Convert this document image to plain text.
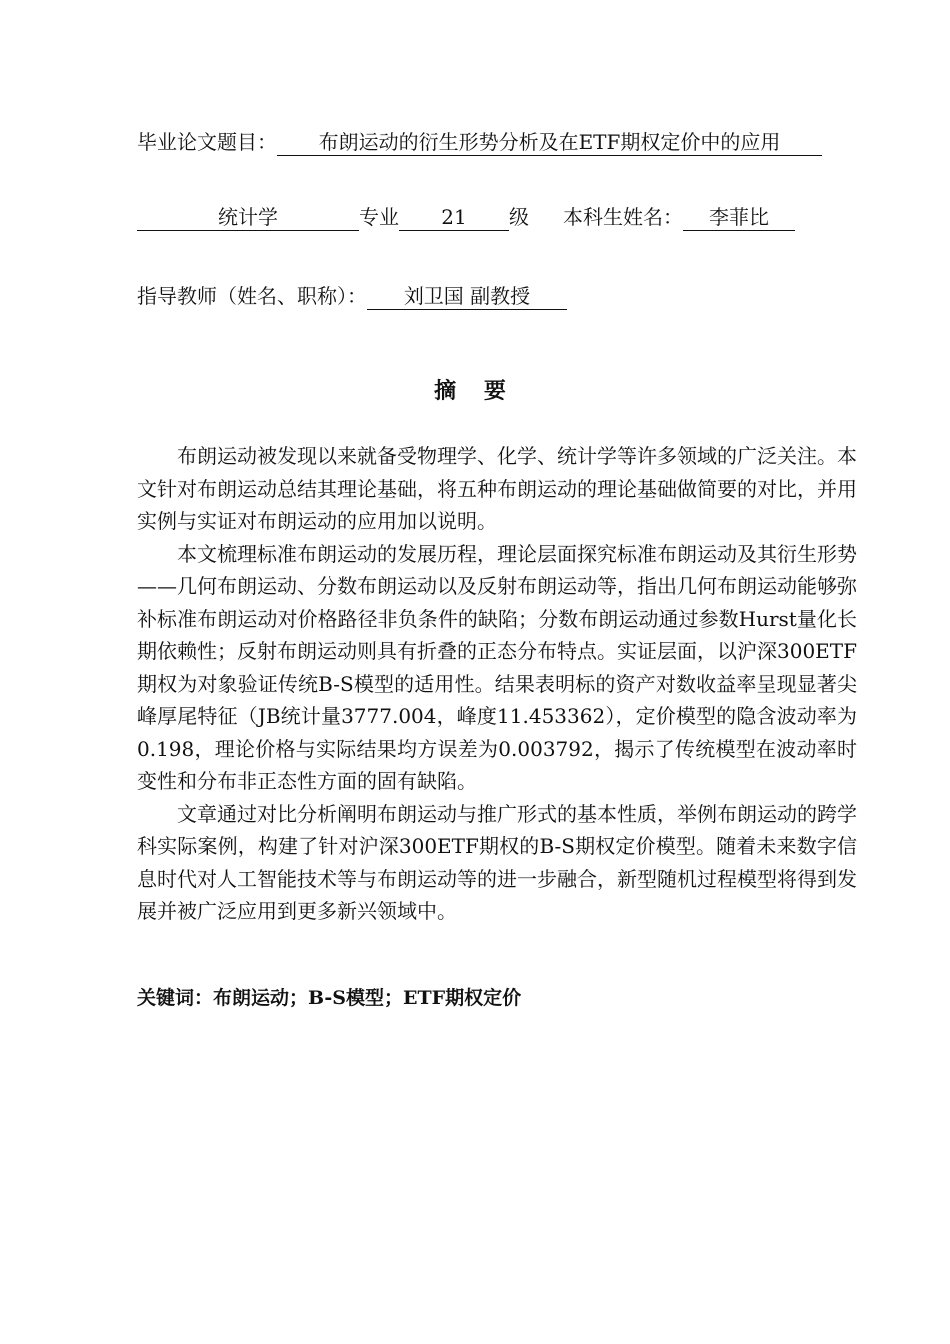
毕业论文题目： 布朗运动的衍生形势分析及在ETF期权定价中的应用
统计学	专业 21 级 本科生姓名： 李菲比
指导教师（姓名、职称）： 刘卫国 副教授
摘 要

布朗运动被发现以来就备受物理学、化学、统计学等许多领域的广泛关注。本文针对布朗运动总结其理论基础，将五种布朗运动的理论基础做简要的对比，并用实例与实证对布朗运动的应用加以说明。

本文梳理标准布朗运动的发展历程，理论层面探究标准布朗运动及其衍生形势——几何布朗运动、分数布朗运动以及反射布朗运动等，指出几何布朗运动能够弥补标准布朗运动对价格路径非负条件的缺陷；分数布朗运动通过参数Hurst量化长期依赖性；反射布朗运动则具有折叠的正态分布特点。实证层面，以沪深300ETF期权为对象验证传统B-S模型的适用性。结果表明标的资产对数收益率呈现显著尖峰厚尾特征（JB统计量3777.004，峰度11.453362），定价模型的隐含波动率为0.198，理论价格与实际结果均方误差为0.003792，揭示了传统模型在波动率时变性和分布非正态性方面的固有缺陷。

文章通过对比分析阐明布朗运动与推广形式的基本性质，举例布朗运动的跨学科实际案例，构建了针对沪深300ETF期权的B-S期权定价模型。随着未来数字信息时代对人工智能技术等与布朗运动等的进一步融合，新型随机过程模型将得到发展并被广泛应用到更多新兴领域中。

关键词：布朗运动；B-S模型；ETF期权定价
